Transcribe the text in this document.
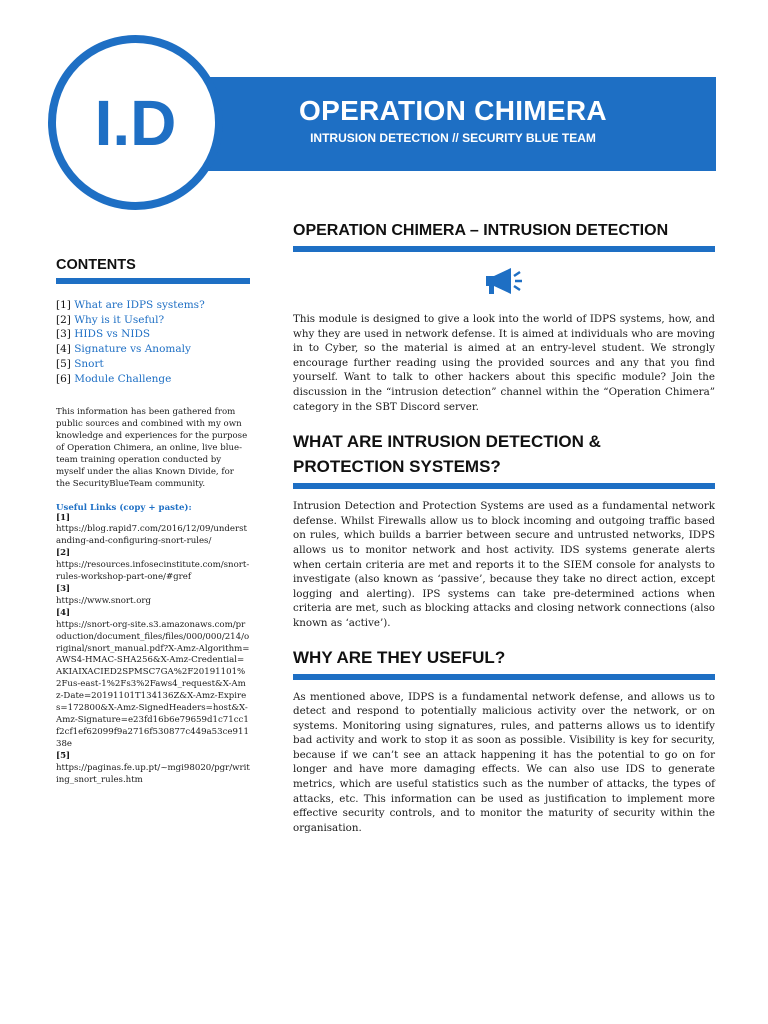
OPERATION CHIMERA
INTRUSION DETECTION // SECURITY BLUE TEAM
I.D
CONTENTS
[1] What are IDPS systems?
[2] Why is it Useful?
[3] HIDS vs NIDS
[4] Signature vs Anomaly
[5] Snort
[6] Module Challenge

This information has been gathered from public sources and combined with my own knowledge and experiences for the purpose of Operation Chimera, an online, live blue-team training operation conducted by myself under the alias Known Divide, for the SecurityBlueTeam community.

Useful Links (copy + paste):
[1]
https://blog.rapid7.com/2016/12/09/understanding-and-configuring-snort-rules/
[2]
https://resources.infosecinstitute.com/snort-rules-workshop-part-one/#gref
[3]
https://www.snort.org
[4]
https://snort-org-site.s3.amazonaws.com/production/document_files/files/000/000/214/original/snort_manual.pdf?X-Amz-Algorithm=AWS4-HMAC-SHA256&X-Amz-Credential=AKIAIXACIED2SPMSC7GA%2F20191101%2Fus-east-1%2Fs3%2Faws4_request&X-Amz-Date=20191101T134136Z&X-Amz-Expires=172800&X-Amz-SignedHeaders=host&X-Amz-Signature=e23fd16b6e79659d1c71cc1f2cf1ef62099f9a2716f530877c449a53ce91138e
[5]
https://paginas.fe.up.pt/~mgi98020/pgr/writing_snort_rules.htm
OPERATION CHIMERA – INTRUSION DETECTION

This module is designed to give a look into the world of IDPS systems, how, and why they are used in network defense. It is aimed at individuals who are moving in to Cyber, so the material is aimed at an entry-level student. We strongly encourage further reading using the provided sources and any that you find yourself. Want to talk to other hackers about this specific module? Join the discussion in the “intrusion detection” channel within the “Operation Chimera” category in the SBT Discord server.

WHAT ARE INTRUSION DETECTION & PROTECTION SYSTEMS?

Intrusion Detection and Protection Systems are used as a fundamental network defense. Whilst Firewalls allow us to block incoming and outgoing traffic based on rules, which builds a barrier between secure and untrusted networks, IDPS allows us to monitor network and host activity. IDS systems generate alerts when certain criteria are met and reports it to the SIEM console for analysts to investigate (also known as ‘passive’, because they take no direct action, except logging and alerting). IPS systems can take pre-determined actions when criteria are met, such as blocking attacks and closing network connections (also known as ‘active’).

WHY ARE THEY USEFUL?

As mentioned above, IDPS is a fundamental network defense, and allows us to detect and respond to potentially malicious activity over the network, or on systems. Monitoring using signatures, rules, and patterns allows us to identify bad activity and work to stop it as soon as possible. Visibility is key for security, because if we can’t see an attack happening it has the potential to go on for longer and have more damaging effects. We can also use IDS to generate metrics, which are useful statistics such as the number of attacks, the types of attacks, etc. This information can be used as justification to implement more effective security controls, and to monitor the maturity of security within the organisation.
